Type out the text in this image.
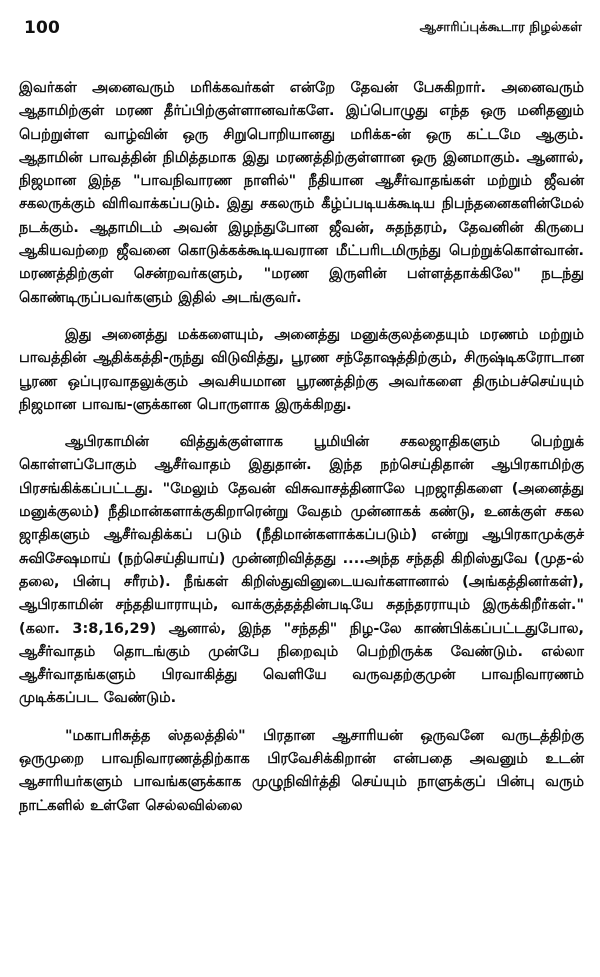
100	ஆசாரிப்புக்கூடார நிழல்கள்

இவர்கள் அனைவரும் மரிக்கவர்கள் என்றே தேவன் பேசுகிறார். அனைவரும் ஆதாமிற்குள் மரண தீர்ப்பிற்குள்ளானவர்களே. இப்பொழுது எந்த ஒரு மனிதனும் பெற்றுள்ள வாழ்வின் ஒரு சிறுபொறியானது மரிக்க-ன் ஒரு கட்டமே ஆகும். ஆதாமின் பாவத்தின் நிமித்தமாக இது மரணத்திற்குள்ளான ஒரு இனமாகும். ஆனால், நிஜமான இந்த "பாவநிவாரண நாளில்" நீதியான ஆசீர்வாதங்கள் மற்றும் ஜீவன் சகலருக்கும் விரிவாக்கப்படும். இது சகலரும் கீழ்ப்படியக்கூடிய நிபந்தனைகளின்மேல் நடக்கும். ஆதாமிடம் அவன் இழந்துபோன ஜீவன், சுதந்தரம், தேவனின் கிருபை ஆகியவற்றை ஜீவனை கொடுக்கக்கூடியவரான மீட்பரிடமிருந்து பெற்றுக்கொள்வான். மரணத்திற்குள் சென்றவர்களும், "மரண இருளின் பள்ளத்தாக்கிலே" நடந்து கொண்டிருப்பவர்களும் இதில் அடங்குவர்.

இது அனைத்து மக்களையும், அனைத்து மனுக்குலத்தையும் மரணம் மற்றும் பாவத்தின் ஆதிக்கத்தி-ருந்து விடுவித்து, பூரண சந்தோஷத்திற்கும், சிருஷ்டிகரோடான பூரண ஒப்புரவாதலுக்கும் அவசியமான பூரணத்திற்கு அவர்களை திரும்பச்செய்யும் நிஜமான பாவங-ளுக்கான பொருளாக இருக்கிறது.

ஆபிரகாமின் வித்துக்குள்ளாக பூமியின் சகலஜாதிகளும் பெற்றுக் கொள்ளப்போகும் ஆசீர்வாதம் இதுதான். இந்த நற்செய்திதான் ஆபிரகாமிற்கு பிரசங்கிக்கப்பட்டது. "மேலும் தேவன் விசுவாசத்தினாலே புறஜாதிகளை (அனைத்து மனுக்குலம்) நீதிமான்களாக்குகிறாரென்று வேதம் முன்னாகக் கண்டு, உனக்குள் சகல ஜாதிகளும் ஆசீர்வதிக்கப் படும் (நீதிமான்களாக்கப்படும்) என்று ஆபிரகாமுக்குச் சுவிசேஷமாய் (நற்செய்தியாய்) முன்னறிவித்தது ....அந்த சந்ததி கிறிஸ்துவே (முத-ல் தலை, பின்பு சரீரம்). நீங்கள் கிறிஸ்துவினுடையவர்களானால் (அங்கத்தினர்கள்), ஆபிரகாமின் சந்ததியாராயும், வாக்குத்தத்தின்படியே சுதந்தரராயும் இருக்கிறீர்கள்." (கலா. 3:8,16,29) ஆனால், இந்த "சந்ததி" நிழ-லே காண்பிக்கப்பட்டதுபோல, ஆசீர்வாதம் தொடங்கும் முன்பே நிறைவும் பெற்றிருக்க வேண்டும். எல்லா ஆசீர்வாதங்களும் பிரவாகித்து வெளியே வருவதற்குமுன் பாவநிவாரணம் முடிக்கப்பட வேண்டும்.

"மகாபரிசுத்த ஸ்தலத்தில்" பிரதான ஆசாரியன் ஒருவனே வருடத்திற்கு ஒருமுறை பாவநிவாரணத்திற்காக பிரவேசிக்கிறான் என்பதை அவனும் உடன் ஆசாரியர்களும் பாவங்களுக்காக முழுநிவிர்த்தி செய்யும் நாளுக்குப் பின்பு வரும் நாட்களில் உள்ளே செல்லவில்லை
